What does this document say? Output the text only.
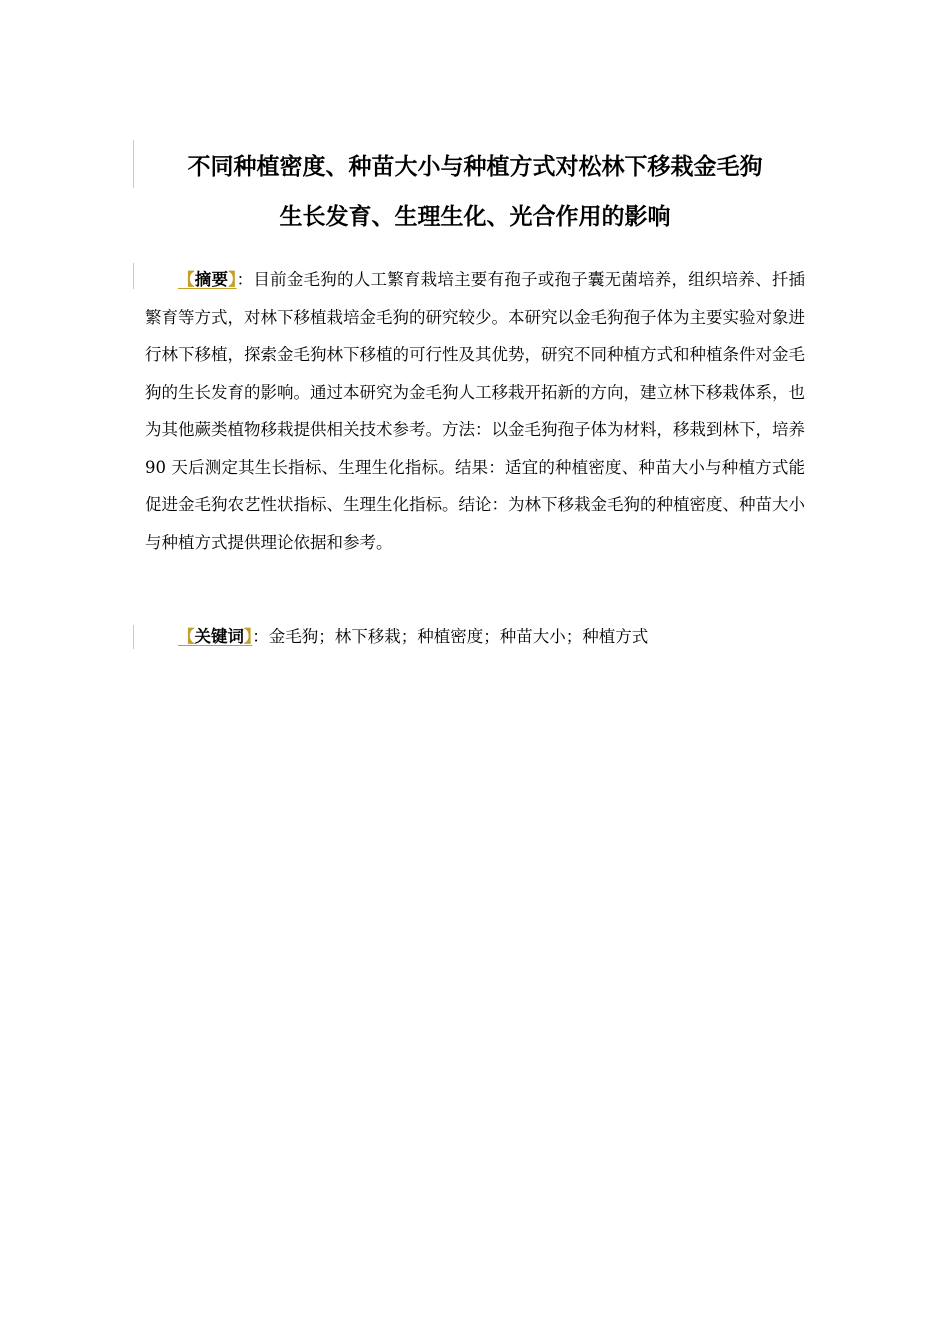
不同种植密度、种苗大小与种植方式对松林下移栽金毛狗
生长发育、生理生化、光合作用的影响

【摘要】：目前金毛狗的人工繁育栽培主要有孢子或孢子囊无菌培养，组织培养、扦插繁育等方式，对林下移植栽培金毛狗的研究较少。本研究以金毛狗孢子体为主要实验对象进行林下移植，探索金毛狗林下移植的可行性及其优势，研究不同种植方式和种植条件对金毛狗的生长发育的影响。通过本研究为金毛狗人工移栽开拓新的方向，建立林下移栽体系，也为其他蕨类植物移栽提供相关技术参考。方法：以金毛狗孢子体为材料，移栽到林下，培养 90 天后测定其生长指标、生理生化指标。结果：适宜的种植密度、种苗大小与种植方式能促进金毛狗农艺性状指标、生理生化指标。结论：为林下移栽金毛狗的种植密度、种苗大小与种植方式提供理论依据和参考。

【关键词】：金毛狗；林下移栽；种植密度；种苗大小；种植方式
